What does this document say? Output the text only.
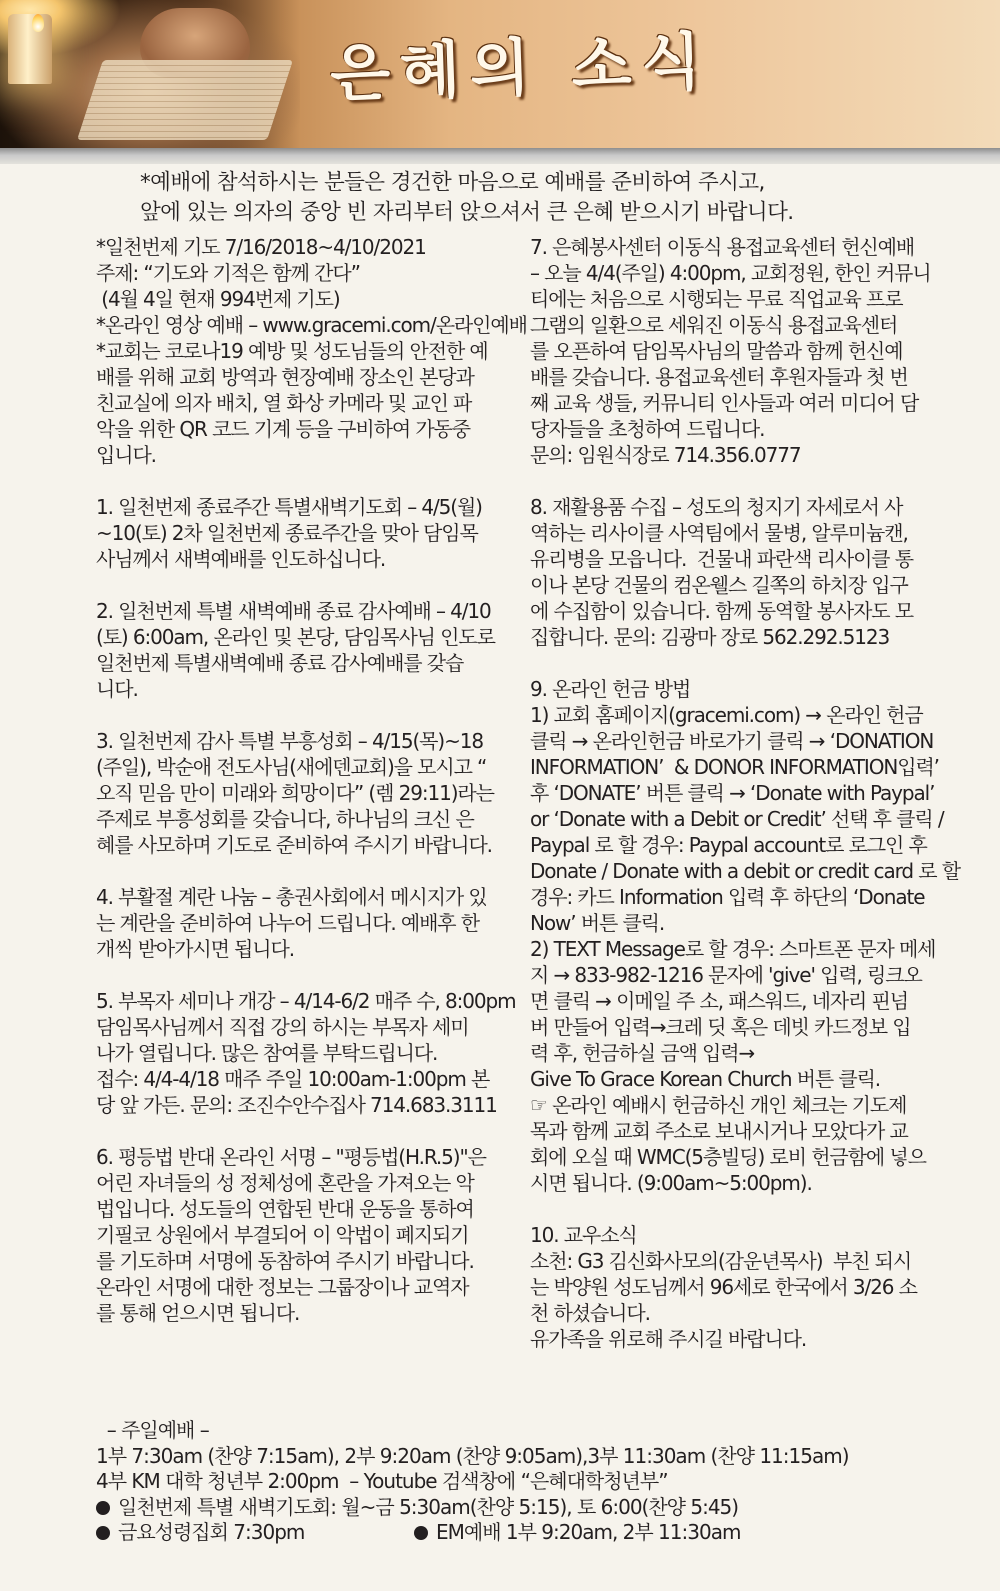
은혜의 소식
*예배에 참석하시는 분들은 경건한 마음으로 예배를 준비하여 주시고,
앞에 있는 의자의 중앙 빈 자리부터 앉으셔서 큰 은혜 받으시기 바랍니다.

*일천번제 기도 7/16/2018~4/10/2021

주제: “기도와 기적은 함께 간다”

(4월 4일 현재 994번제 기도)

*온라인 영상 예배 – www.gracemi.com/온라인예배

*교회는 코로나19 예방 및 성도님들의 안전한 예

배를 위해 교회 방역과 현장예배 장소인 본당과

친교실에 의자 배치, 열 화상 카메라 및 교인 파

악을 위한 QR 코드 기계 등을 구비하여 가동중

입니다.

1. 일천번제 종료주간 특별새벽기도회 – 4/5(월)

~10(토) 2차 일천번제 종료주간을 맞아 담임목

사님께서 새벽예배를 인도하십니다.

2. 일천번제 특별 새벽예배 종료 감사예배 – 4/10

(토) 6:00am, 온라인 및 본당, 담임목사님 인도로

일천번제 특별새벽예배 종료 감사예배를 갖습

니다.

3. 일천번제 감사 특별 부흥성회 – 4/15(목)~18

(주일), 박순애 전도사님(새에덴교회)을 모시고 “

오직 믿음 만이 미래와 희망이다” (렘 29:11)라는

주제로 부흥성회를 갖습니다, 하나님의 크신 은

혜를 사모하며 기도로 준비하여 주시기 바랍니다.

4. 부활절 계란 나눔 – 총권사회에서 메시지가 있

는 계란을 준비하여 나누어 드립니다. 예배후 한

개씩 받아가시면 됩니다.

5. 부목자 세미나 개강 – 4/14-6/2 매주 수, 8:00pm

담임목사님께서 직접 강의 하시는 부목자 세미

나가 열립니다. 많은 참여를 부탁드립니다.

접수: 4/4-4/18 매주 주일 10:00am-1:00pm 본

당 앞 가든. 문의: 조진수안수집사 714.683.3111

6. 평등법 반대 온라인 서명 – "평등법(H.R.5)"은

어린 자녀들의 성 정체성에 혼란을 가져오는 악

법입니다. 성도들의 연합된 반대 운동을 통하여

기필코 상원에서 부결되어 이 악법이 폐지되기

를 기도하며 서명에 동참하여 주시기 바랍니다.

온라인 서명에 대한 정보는 그룹장이나 교역자

를 통해 얻으시면 됩니다.

7. 은혜봉사센터 이동식 용접교육센터 헌신예배

– 오늘 4/4(주일) 4:00pm, 교회정원, 한인 커뮤니

티에는 처음으로 시행되는 무료 직업교육 프로

그램의 일환으로 세워진 이동식 용접교육센터

를 오픈하여 담임목사님의 말씀과 함께 헌신예

배를 갖습니다. 용접교육센터 후원자들과 첫 번

째 교육 생들, 커뮤니티 인사들과 여러 미디어 담

당자들을 초청하여 드립니다.

문의: 임원식장로 714.356.0777

8. 재활용품 수집 – 성도의 청지기 자세로서 사

역하는 리사이클 사역팀에서 물병, 알루미늄캔,

유리병을 모읍니다.  건물내 파란색 리사이클 통

이나 본당 건물의 컴온웰스 길쪽의 하치장 입구

에 수집함이 있습니다. 함께 동역할 봉사자도 모

집합니다. 문의: 김광마 장로 562.292.5123

9. 온라인 헌금 방법

1) 교회 홈페이지(gracemi.com) → 온라인 헌금

클릭 → 온라인헌금 바로가기 클릭 → ‘DONATION

INFORMATION’  & DONOR INFORMATION입력’

후 ‘DONATE’ 버튼 클릭 → ‘Donate with Paypal’

or ‘Donate with a Debit or Credit’ 선택 후 클릭 /

Paypal 로 할 경우: Paypal account로 로그인 후

Donate / Donate with a debit or credit card 로 할

경우: 카드 Information 입력 후 하단의 ‘Donate

Now’ 버튼 클릭.

2) TEXT Message로 할 경우: 스마트폰 문자 메세

지 → 833-982-1216 문자에 'give' 입력, 링크오

면 클릭 → 이메일 주 소, 패스워드, 네자리 핀넘

버 만들어 입력→크레 딧 혹은 데빗 카드정보 입

력 후, 헌금하실 금액 입력→

Give To Grace Korean Church 버튼 클릭.

☞ 온라인 예배시 헌금하신 개인 체크는 기도제

목과 함께 교회 주소로 보내시거나 모았다가 교

회에 오실 때 WMC(5층빌딩) 로비 헌금함에 넣으

시면 됩니다. (9:00am~5:00pm).

10. 교우소식

소천: G3 김신화사모의(감운년목사)  부친 되시

는 박양원 성도님께서 96세로 한국에서 3/26 소

천 하셨습니다.

유가족을 위로해 주시길 바랍니다.

– 주일예배 –

1부 7:30am (찬양 7:15am), 2부 9:20am (찬양 9:05am),3부 11:30am (찬양 11:15am)

4부 KM 대학 청년부 2:00pm  – Youtube 검색창에 “은혜대학청년부”

일천번제 특별 새벽기도회: 월~금 5:30am(찬양 5:15), 토 6:00(찬양 5:45)

금요성령집회 7:30pm	EM예배 1부 9:20am, 2부 11:30am
